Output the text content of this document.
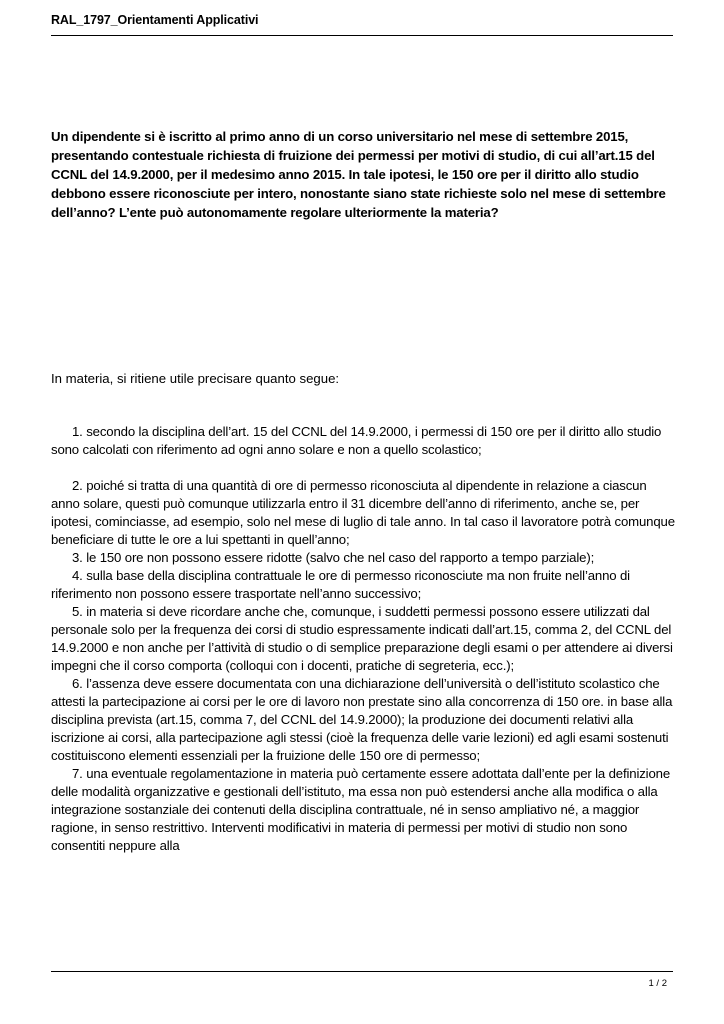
RAL_1797_Orientamenti Applicativi
Un dipendente si è iscritto al primo anno di un corso universitario nel mese di settembre 2015, presentando contestuale richiesta di fruizione dei permessi per motivi di studio, di cui all’art.15 del CCNL del 14.9.2000, per il medesimo anno 2015. In tale ipotesi, le 150 ore per il diritto allo studio debbono essere riconosciute per intero, nonostante siano state richieste solo nel mese di settembre dell’anno? L’ente può autonomamente regolare ulteriormente la materia?
In materia, si ritiene utile precisare quanto segue:

1. secondo la disciplina dell’art. 15 del CCNL del 14.9.2000, i permessi di 150 ore per il diritto allo studio sono calcolati con riferimento ad ogni anno solare e non a quello scolastico;

2. poiché si tratta di una quantità di ore di permesso riconosciuta al dipendente in relazione a ciascun anno solare, questi può comunque utilizzarla entro il 31 dicembre dell’anno di riferimento, anche se, per ipotesi, cominciasse, ad esempio, solo nel mese di luglio di tale anno. In tal caso il lavoratore potrà comunque beneficiare di tutte le ore a lui spettanti in quell’anno;

3. le 150 ore non possono essere ridotte (salvo che nel caso del rapporto a tempo parziale);

4. sulla base della disciplina contrattuale le ore di permesso riconosciute ma non fruite nell’anno di riferimento non possono essere trasportate nell’anno successivo;

5. in materia si deve ricordare anche che, comunque, i suddetti permessi possono essere utilizzati dal personale solo per la frequenza dei corsi di studio espressamente indicati dall’art.15, comma 2, del CCNL del 14.9.2000 e non anche per l’attività di studio o di semplice preparazione degli esami o per attendere ai diversi impegni che il corso comporta (colloqui con i docenti, pratiche di segreteria, ecc.);

6. l’assenza deve essere documentata con una dichiarazione dell’università o dell’istituto scolastico che attesti la partecipazione ai corsi per le ore di lavoro non prestate sino alla concorrenza di 150 ore. in base alla disciplina prevista (art.15, comma 7, del CCNL del 14.9.2000); la produzione dei documenti relativi alla iscrizione ai corsi, alla partecipazione agli stessi (cioè la frequenza delle varie lezioni) ed agli esami sostenuti costituiscono elementi essenziali per la fruizione delle 150 ore di permesso;

7. una eventuale regolamentazione in materia può certamente essere adottata dall’ente per la definizione delle modalità organizzative e gestionali dell’istituto, ma essa non può estendersi anche alla modifica o alla integrazione sostanziale dei contenuti della disciplina contrattuale, né in senso ampliativo né, a maggior ragione, in senso restrittivo. Interventi modificativi in materia di permessi per motivi di studio non sono consentiti neppure alla

1 / 2
